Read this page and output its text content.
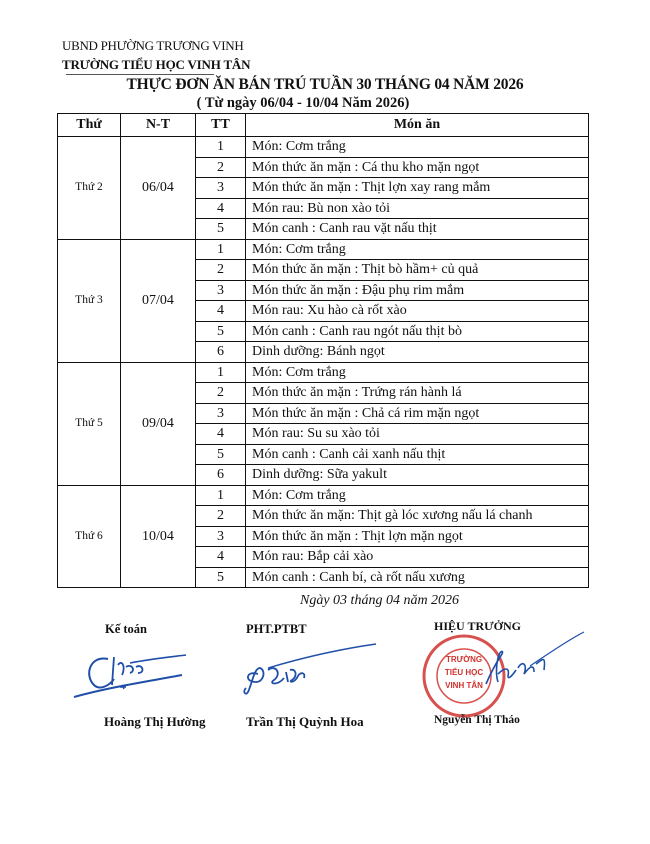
UBND PHƯỜNG TRƯƠNG VINH
TRƯỜNG TIỂU HỌC VINH TÂN
THỰC ĐƠN ĂN BÁN TRÚ TUẦN 30 THÁNG 04 NĂM 2026
( Từ ngày 06/04 - 10/04 Năm 2026)
Thứ	N-T	TT	Món ăn
Thứ 2	06/04	1	Món: Cơm trắng
		2	Món thức ăn mặn : Cá thu kho mặn ngọt
		3	Món thức ăn mặn : Thịt lợn xay rang mắm
		4	Món rau: Bù non xào tỏi
		5	Món canh : Canh rau vặt nấu thịt
Thứ 3	07/04	1	Món: Cơm trắng
		2	Món thức ăn mặn : Thịt bò hầm+ củ quả
		3	Món thức ăn mặn : Đậu phụ rim mắm
		4	Món rau: Xu hào cà rốt xào
		5	Món canh : Canh rau ngót nấu thịt bò
		6	Dinh dưỡng: Bánh ngọt
Thứ 5	09/04	1	Món: Cơm trắng
		2	Món thức ăn mặn : Trứng rán hành lá
		3	Món thức ăn mặn : Chả cá rim mặn ngọt
		4	Món rau: Su su xào tỏi
		5	Món canh : Canh cải xanh nấu thịt
		6	Dinh dưỡng: Sữa yakult
Thứ 6	10/04	1	Món: Cơm trắng
		2	Món thức ăn mặn: Thịt gà lóc xương nấu lá chanh
		3	Món thức ăn mặn : Thịt lợn mặn ngọt
		4	Món rau: Bắp cải xào
		5	Món canh : Canh bí, cà rốt nấu xương
Ngày 03 tháng 04 năm 2026
Kế toán
Hoàng Thị Hường
PHT.PTBT
Trần Thị Quỳnh Hoa
HIỆU TRƯỞNG
TRƯỜNG
TIỂU HỌC
VINH TÂN
Nguyễn Thị Tháo
